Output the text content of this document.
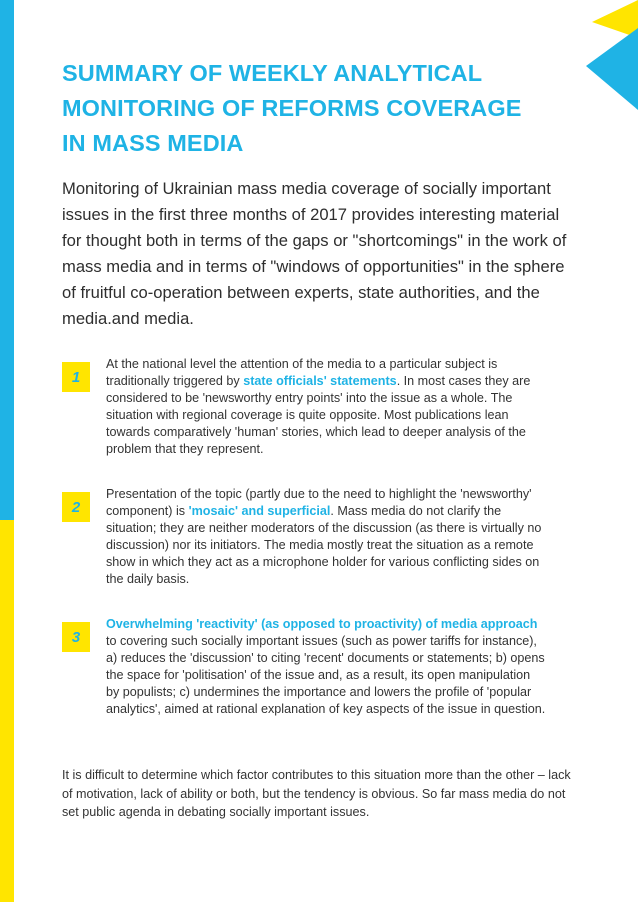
SUMMARY OF WEEKLY ANALYTICAL
MONITORING OF REFORMS COVERAGE
IN MASS MEDIA
Monitoring of Ukrainian mass media coverage of socially important issues in the first three months of 2017 provides interesting material for thought both in terms of the gaps or "shortcomings" in the work of mass media and in terms of "windows of opportunities" in the sphere of fruitful co-operation between experts, state authorities, and the media.and media.
1
At the national level the attention of the media to a particular subject is traditionally triggered by state officials' statements. In most cases they are considered to be 'newsworthy entry points' into the issue as a whole. The situation with regional coverage is quite opposite. Most publications lean towards comparatively 'human' stories, which lead to deeper analysis of the problem that they represent.
2
Presentation of the topic (partly due to the need to highlight the 'newsworthy' component) is 'mosaic' and superficial. Mass media do not clarify the situation; they are neither moderators of the discussion (as there is virtually no discussion) nor its initiators. The media mostly treat the situation as a remote show in which they act as a microphone holder for various conflicting sides on the daily basis.
3
Overwhelming 'reactivity' (as opposed to proactivity) of media approach to covering such socially important issues (such as power tariffs for instance), a) reduces the 'discussion' to citing 'recent' documents or statements; b) opens the space for 'politisation' of the issue and, as a result, its open manipulation by populists; c) undermines the importance and lowers the profile of 'popular analytics', aimed at rational explanation of key aspects of the issue in question.
It is difficult to determine which factor contributes to this situation more than the other – lack of motivation, lack of ability or both, but the tendency is obvious. So far mass media do not set public agenda in debating socially important issues.
